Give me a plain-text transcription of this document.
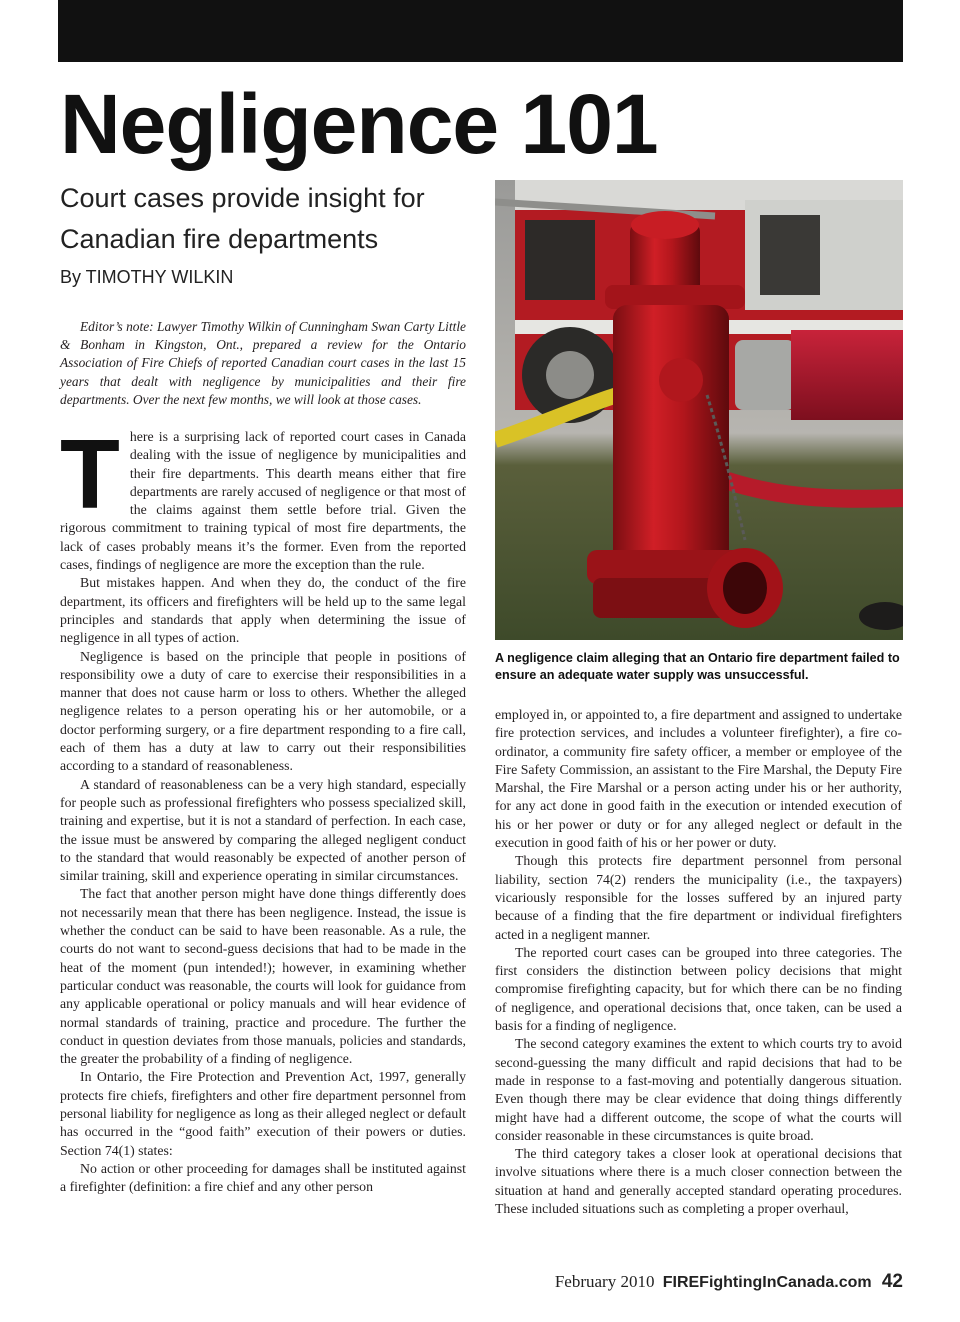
Negligence 101
Court cases provide insight for Canadian fire departments
By TIMOTHY WILKIN

Editor’s note: Lawyer Timothy Wilkin of Cunningham Swan Carty Little & Bonham in Kingston, Ont., prepared a review for the Ontario Association of Fire Chiefs of reported Canadian court cases in the last 15 years that dealt with negligence by municipalities and their fire departments. Over the next few months, we will look at those cases.

There is a surprising lack of reported court cases in Canada dealing with the issue of negligence by municipalities and their fire departments. This dearth means either that fire departments are rarely accused of negligence or that most of the claims against them settle before trial. Given the rigorous commitment to training typical of most fire departments, the lack of cases probably means it’s the former. Even from the reported cases, findings of negligence are more the exception than the rule.

But mistakes happen. And when they do, the conduct of the fire department, its officers and firefighters will be held up to the same legal principles and standards that apply when determining the issue of negligence in all types of action.

Negligence is based on the principle that people in positions of responsibility owe a duty of care to exercise their responsibilities in a manner that does not cause harm or loss to others. Whether the alleged negligence relates to a person operating his or her automobile, or a doctor performing surgery, or a fire department responding to a fire call, each of them has a duty at law to carry out their responsibilities according to a standard of reasonableness.

A standard of reasonableness can be a very high standard, especially for people such as professional firefighters who possess specialized skill, training and expertise, but it is not a standard of perfection. In each case, the issue must be answered by comparing the alleged negligent conduct to the standard that would reasonably be expected of another person of similar training, skill and experience operating in similar circumstances.

The fact that another person might have done things differently does not necessarily mean that there has been negligence. Instead, the issue is whether the conduct can be said to have been reasonable. As a rule, the courts do not want to second-guess decisions that had to be made in the heat of the moment (pun intended!); however, in examining whether particular conduct was reasonable, the courts will look for guidance from any applicable operational or policy manuals and will hear evidence of normal standards of training, practice and procedure. The further the conduct in question deviates from those manuals, policies and standards, the greater the probability of a finding of negligence.

In Ontario, the Fire Protection and Prevention Act, 1997, generally protects fire chiefs, firefighters and other fire department personnel from personal liability for negligence as long as their alleged neglect or default has occurred in the “good faith” execution of their powers or duties. Section 74(1) states:

No action or other proceeding for damages shall be instituted against a firefighter (definition: a fire chief and any other person

A negligence claim alleging that an Ontario fire department failed to ensure an adequate water supply was unsuccessful.

employed in, or appointed to, a fire department and assigned to undertake fire protection services, and includes a volunteer firefighter), a fire co-ordinator, a community fire safety officer, a member or employee of the Fire Safety Commission, an assistant to the Fire Marshal, the Deputy Fire Marshal, the Fire Marshal or a person acting under his or her authority, for any act done in good faith in the execution or intended execution of his or her power or duty or for any alleged neglect or default in the execution in good faith of his or her power or duty.

Though this protects fire department personnel from personal liability, section 74(2) renders the municipality (i.e., the taxpayers) vicariously responsible for the losses suffered by an injured party because of a finding that the fire department or individual firefighters acted in a negligent manner.

The reported court cases can be grouped into three categories. The first considers the distinction between policy decisions that might compromise firefighting capacity, but for which there can be no finding of negligence, and operational decisions that, once taken, can be used a basis for a finding of negligence.

The second category examines the extent to which courts try to avoid second-guessing the many difficult and rapid decisions that had to be made in response to a fast-moving and potentially dangerous situation. Even though there may be clear evidence that doing things differently might have had a different outcome, the scope of what the courts will consider reasonable in these circumstances is quite broad.

The third category takes a closer look at operational decisions that involve situations where there is a much closer connection between the situation at hand and generally accepted standard operating procedures. These included situations such as completing a proper overhaul,

February 2010 FIREFightingInCanada.com 42
